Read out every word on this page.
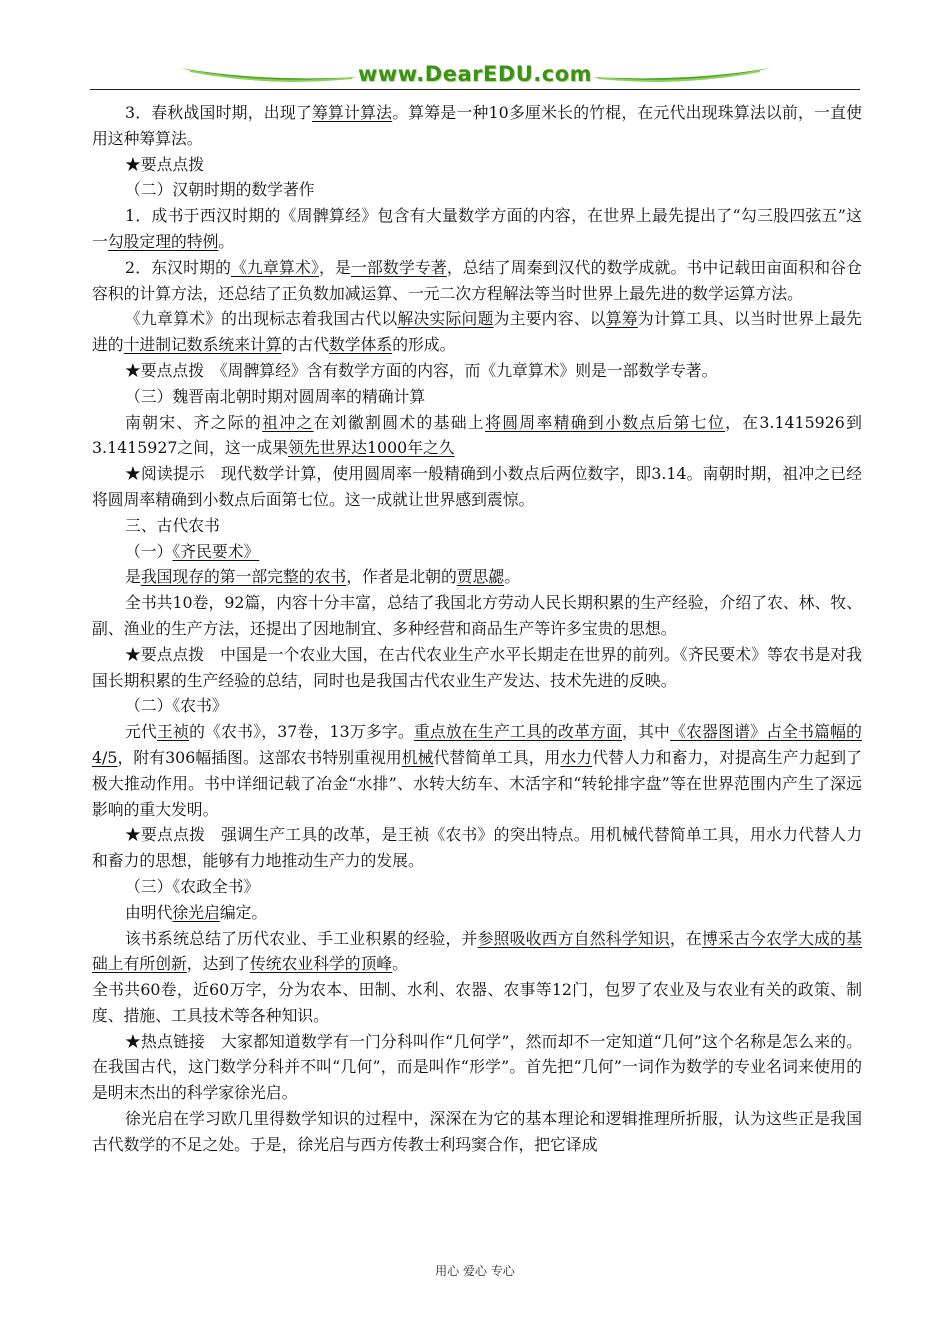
www.DearEDU.com

3．春秋战国时期，出现了筹算计算法。算筹是一种10多厘米长的竹棍，在元代出现珠算法以前，一直使用这种筹算法。

★要点点拨

（二）汉朝时期的数学著作

1．成书于西汉时期的《周髀算经》包含有大量数学方面的内容，在世界上最先提出了“勾三股四弦五”这一勾股定理的特例。

2．东汉时期的《九章算术》，是一部数学专著，总结了周秦到汉代的数学成就。书中记载田亩面积和谷仓容积的计算方法，还总结了正负数加减运算、一元二次方程解法等当时世界上最先进的数学运算方法。

《九章算术》的出现标志着我国古代以解决实际问题为主要内容、以算筹为计算工具、以当时世界上最先进的十进制记数系统来计算的古代数学体系的形成。

★要点点拨　《周髀算经》含有数学方面的内容，而《九章算术》则是一部数学专著。

（三）魏晋南北朝时期对圆周率的精确计算

南朝宋、齐之际的祖冲之在刘徽割圆术的基础上将圆周率精确到小数点后第七位，在3.1415926到3.1415927之间，这一成果领先世界达1000年之久

★阅读提示　现代数学计算，使用圆周率一般精确到小数点后两位数字，即3.14。南朝时期，祖冲之已经将圆周率精确到小数点后面第七位。这一成就让世界感到震惊。

三、古代农书

（一）《齐民要术》

是我国现存的第一部完整的农书，作者是北朝的贾思勰。

全书共10卷，92篇，内容十分丰富，总结了我国北方劳动人民长期积累的生产经验，介绍了农、林、牧、副、渔业的生产方法，还提出了因地制宜、多种经营和商品生产等许多宝贵的思想。

★要点点拨　中国是一个农业大国，在古代农业生产水平长期走在世界的前列。《齐民要术》等农书是对我国长期积累的生产经验的总结，同时也是我国古代农业生产发达、技术先进的反映。

（二）《农书》

元代王祯的《农书》，37卷，13万多字。重点放在生产工具的改革方面，其中《农器图谱》占全书篇幅的4/5，附有306幅插图。这部农书特别重视用机械代替简单工具，用水力代替人力和畜力，对提高生产力起到了极大推动作用。书中详细记载了冶金“水排”、水转大纺车、木活字和“转轮排字盘”等在世界范围内产生了深远影响的重大发明。

★要点点拨　强调生产工具的改革，是王祯《农书》的突出特点。用机械代替简单工具，用水力代替人力和畜力的思想，能够有力地推动生产力的发展。

（三）《农政全书》

由明代徐光启编定。

该书系统总结了历代农业、手工业积累的经验，并参照吸收西方自然科学知识，在博采古今农学大成的基础上有所创新，达到了传统农业科学的顶峰。

全书共60卷，近60万字，分为农本、田制、水利、农器、农事等12门，包罗了农业及与农业有关的政策、制度、措施、工具技术等各种知识。

★热点链接　大家都知道数学有一门分科叫作“几何学”，然而却不一定知道“几何”这个名称是怎么来的。在我国古代，这门数学分科并不叫“几何”，而是叫作“形学”。首先把“几何”一词作为数学的专业名词来使用的是明末杰出的科学家徐光启。

徐光启在学习欧几里得数学知识的过程中，深深在为它的基本理论和逻辑推理所折服，认为这些正是我国古代数学的不足之处。于是，徐光启与西方传教士利玛窦合作，把它译成

用心 爱心 专心
